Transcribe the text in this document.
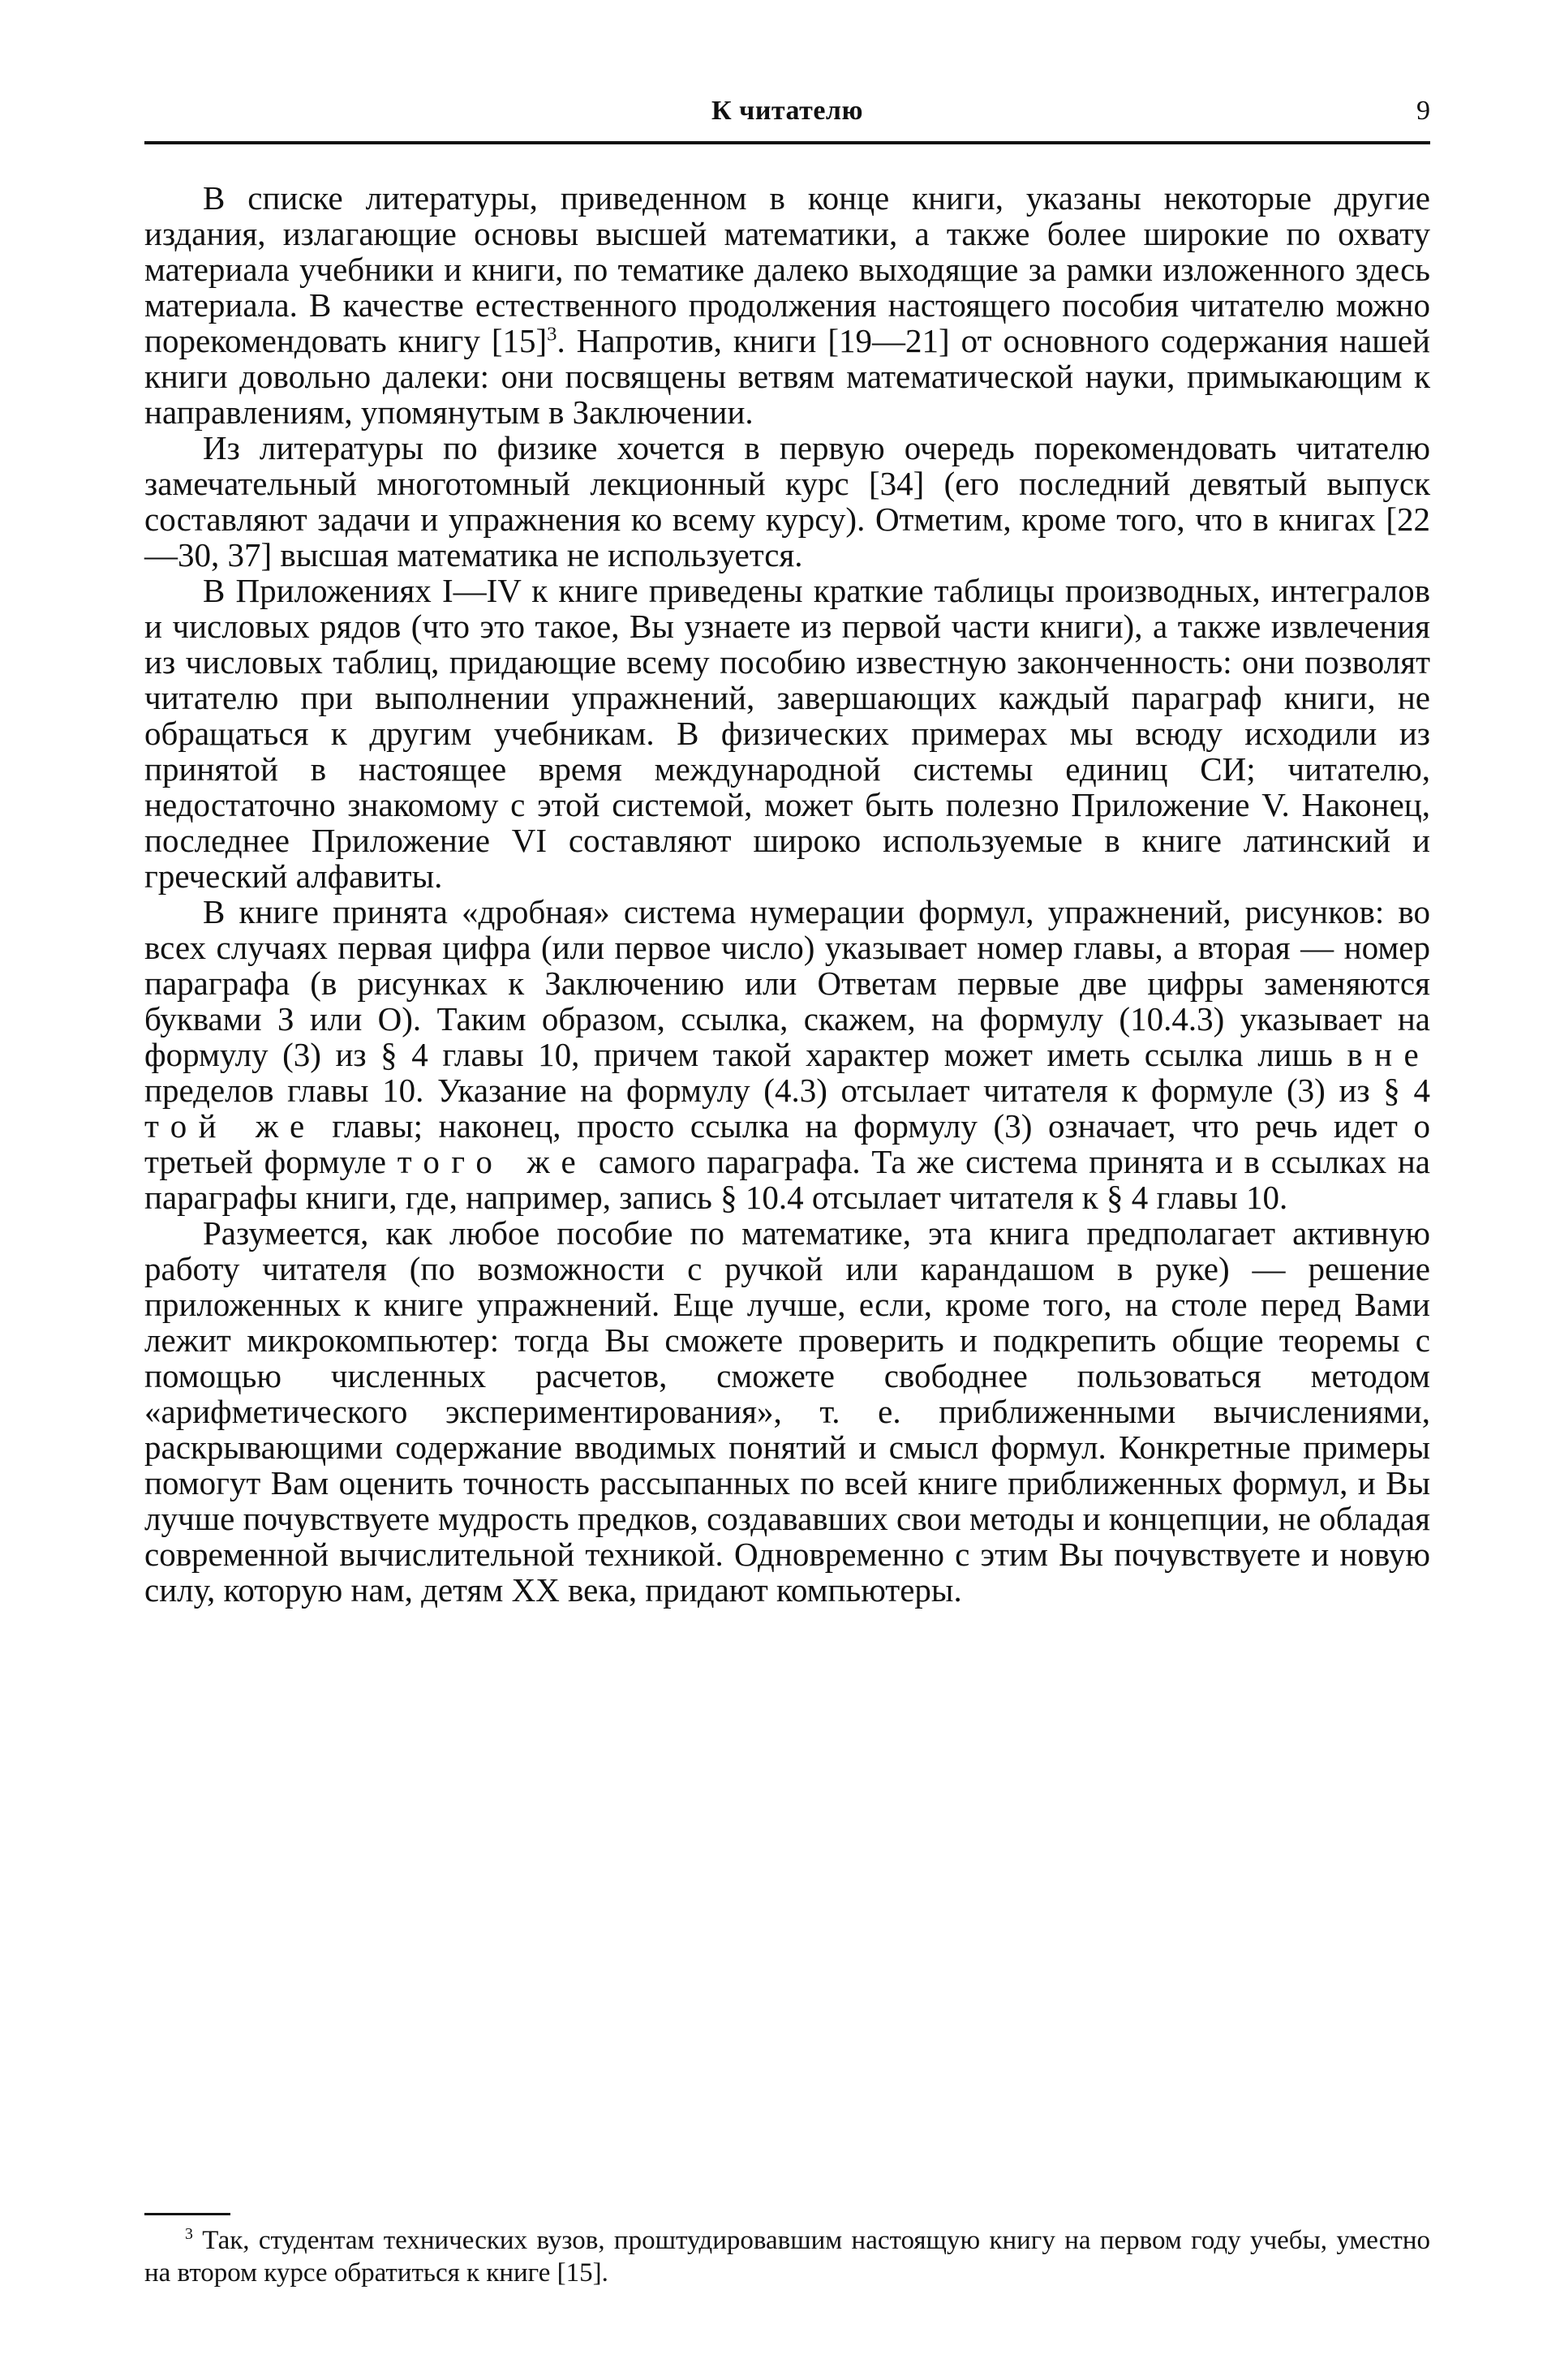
К читателю	9

В списке литературы, приведенном в конце книги, указаны некоторые другие издания, излагающие основы высшей математики, а также более широкие по охвату материала учебники и книги, по тематике далеко выходящие за рамки изложенного здесь материала. В качестве естественного продолжения настоящего пособия читателю можно порекомендовать книгу $[15]^3$. Напротив, книги [19—21] от основного содержания нашей книги довольно далеки: они посвящены ветвям математической науки, примыкающим к направлениям, упомянутым в Заключении.

Из литературы по физике хочется в первую очередь порекомендовать читателю замечательный многотомный лекционный курс [34] (его последний девятый выпуск составляют задачи и упражнения ко всему курсу). Отметим, кроме того, что в книгах [22—30, 37] высшая математика не используется.

В Приложениях I—IV к книге приведены краткие таблицы производных, интегралов и числовых рядов (что это такое, Вы узнаете из первой части книги), а также извлечения из числовых таблиц, придающие всему пособию известную законченность: они позволят читателю при выполнении упражнений, завершающих каждый параграф книги, не обращаться к другим учебникам. В физических примерах мы всюду исходили из принятой в настоящее время международной системы единиц СИ; читателю, недостаточно знакомому с этой системой, может быть полезно Приложение V. Наконец, последнее Приложение VI составляют широко используемые в книге латинский и греческий алфавиты.

В книге принята «дробная» система нумерации формул, упражнений, рисунков: во всех случаях первая цифра (или первое число) указывает номер главы, а вторая — номер параграфа (в рисунках к Заключению или Ответам первые две цифры заменяются буквами З или О). Таким образом, ссылка, скажем, на формулу (10.4.3) указывает на формулу (3) из § 4 главы 10, причем такой характер может иметь ссылка лишь вне пределов главы 10. Указание на формулу (4.3) отсылает читателя к формуле (3) из § 4 той же главы; наконец, просто ссылка на формулу (3) означает, что речь идет о третьей формуле того же самого параграфа. Та же система принята и в ссылках на параграфы книги, где, например, запись § 10.4 отсылает читателя к § 4 главы 10.

Разумеется, как любое пособие по математике, эта книга предполагает активную работу читателя (по возможности с ручкой или карандашом в руке) — решение приложенных к книге упражнений. Еще лучше, если, кроме того, на столе перед Вами лежит микрокомпьютер: тогда Вы сможете проверить и подкрепить общие теоремы с помощью численных расчетов, сможете свободнее пользоваться методом «арифметического экспериментирования», т. е. приближенными вычислениями, раскрывающими содержание вводимых понятий и смысл формул. Конкретные примеры помогут Вам оценить точность рассыпанных по всей книге приближенных формул, и Вы лучше почувствуете мудрость предков, создававших свои методы и концепции, не обладая современной вычислительной техникой. Одновременно с этим Вы почувствуете и новую силу, которую нам, детям XX века, придают компьютеры.

$^3$ Так, студентам технических вузов, проштудировавшим настоящую книгу на первом году учебы, уместно на втором курсе обратиться к книге [15].
